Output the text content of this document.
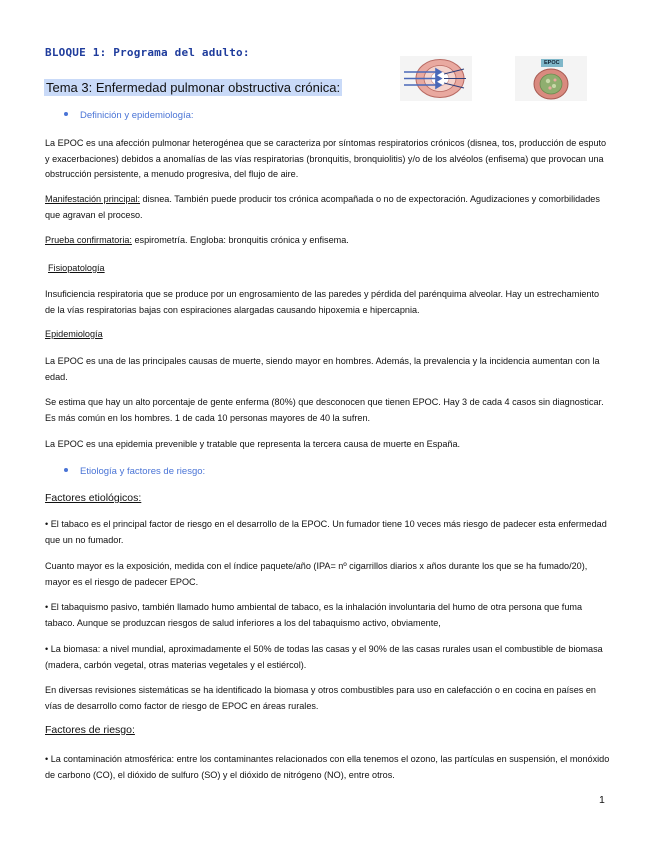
BLOQUE 1: Programa del adulto:
Tema 3: Enfermedad pulmonar obstructiva crónica:
EPOC
Definición y epidemiología:
La EPOC es una afección pulmonar heterogénea que se caracteriza por síntomas respiratorios crónicos (disnea, tos, producción de esputo y exacerbaciones) debidos a anomalías de las vías respiratorias (bronquitis, bronquiolitis) y/o de los alvéolos (enfisema) que provocan una obstrucción persistente, a menudo progresiva, del flujo de aire.
Manifestación principal: disnea. También puede producir tos crónica acompañada o no de expectoración. Agudizaciones y comorbilidades que agravan el proceso.
Prueba confirmatoria: espirometría. Engloba: bronquitis crónica y enfisema.
Fisiopatología
Insuficiencia respiratoria que se produce por un engrosamiento de las paredes y pérdida del parénquima alveolar. Hay un estrechamiento de la vías respiratorias bajas con espiraciones alargadas causando hipoxemia e hipercapnia.
Epidemiología
La EPOC es una de las principales causas de muerte, siendo mayor en hombres. Además, la prevalencia y la incidencia aumentan con la edad.
Se estima que hay un alto porcentaje de gente enferma (80%) que desconocen que tienen EPOC. Hay 3 de cada 4 casos sin diagnosticar. Es más común en los hombres. 1 de cada 10 personas mayores de 40 la sufren.
La EPOC es una epidemia prevenible y tratable que representa la tercera causa de muerte en España.
Etiología y factores de riesgo:
Factores etiológicos:
• El tabaco es el principal factor de riesgo en el desarrollo de la EPOC. Un fumador tiene 10 veces más riesgo de padecer esta enfermedad que un no fumador.
Cuanto mayor es la exposición, medida con el índice paquete/año (IPA= nº cigarrillos diarios x años durante los que se ha fumado/20), mayor es el riesgo de padecer EPOC.
• El tabaquismo pasivo, también llamado humo ambiental de tabaco, es la inhalación involuntaria del humo de otra persona que fuma tabaco. Aunque se produzcan riesgos de salud inferiores a los del tabaquismo activo, obviamente,
• La biomasa: a nivel mundial, aproximadamente el 50% de todas las casas y el 90% de las casas rurales usan el combustible de biomasa (madera, carbón vegetal, otras materias vegetales y el estiércol).
En diversas revisiones sistemáticas se ha identificado la biomasa y otros combustibles para uso en calefacción o en cocina en países en vías de desarrollo como factor de riesgo de EPOC en áreas rurales.
Factores de riesgo:
• La contaminación atmosférica: entre los contaminantes relacionados con ella tenemos el ozono, las partículas en suspensión, el monóxido de carbono (CO), el dióxido de sulfuro (SO) y el dióxido de nitrógeno (NO), entre otros.
1
